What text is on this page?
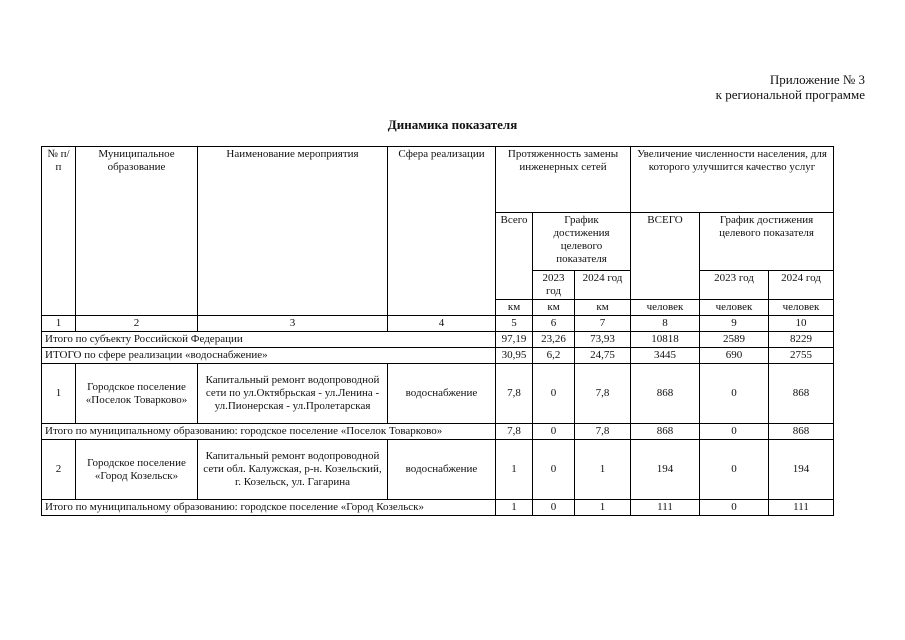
Приложение № 3
к региональной программе
Динамика показателя
№ п/п	Муниципальное образование	Наименование мероприятия	Сфера реализации	Протяженность замены инженерных сетей			Увеличение численности населения, для которого улучшится качество услуг		
				Всего	График достижения целевого показателя		ВСЕГО	График достижения целевого показателя	
					2023 год	2024 год		2023 год	2024 год
				км	км	км	человек	человек	человек
1	2	3	4	5	6	7	8	9	10
Итого по субъекту Российской Федерации				97,19	23,26	73,93	10818	2589	8229
ИТОГО по сфере реализации «водоснабжение»				30,95	6,2	24,75	3445	690	2755
1	Городское поселение «Поселок Товарково»	Капитальный ремонт водопроводной сети по ул.Октябрьская - ул.Ленина - ул.Пионерская - ул.Пролетарская	водоснабжение	7,8	0	7,8	868	0	868
Итого по муниципальному образованию: городское поселение «Поселок Товарково»				7,8	0	7,8	868	0	868
2	Городское поселение «Город Козельск»	Капитальный ремонт водопроводной сети обл. Калужская, р-н. Козельский, г. Козельск, ул. Гагарина	водоснабжение	1	0	1	194	0	194
Итого по муниципальному образованию: городское поселение «Город Козельск»				1	0	1	111	0	111
